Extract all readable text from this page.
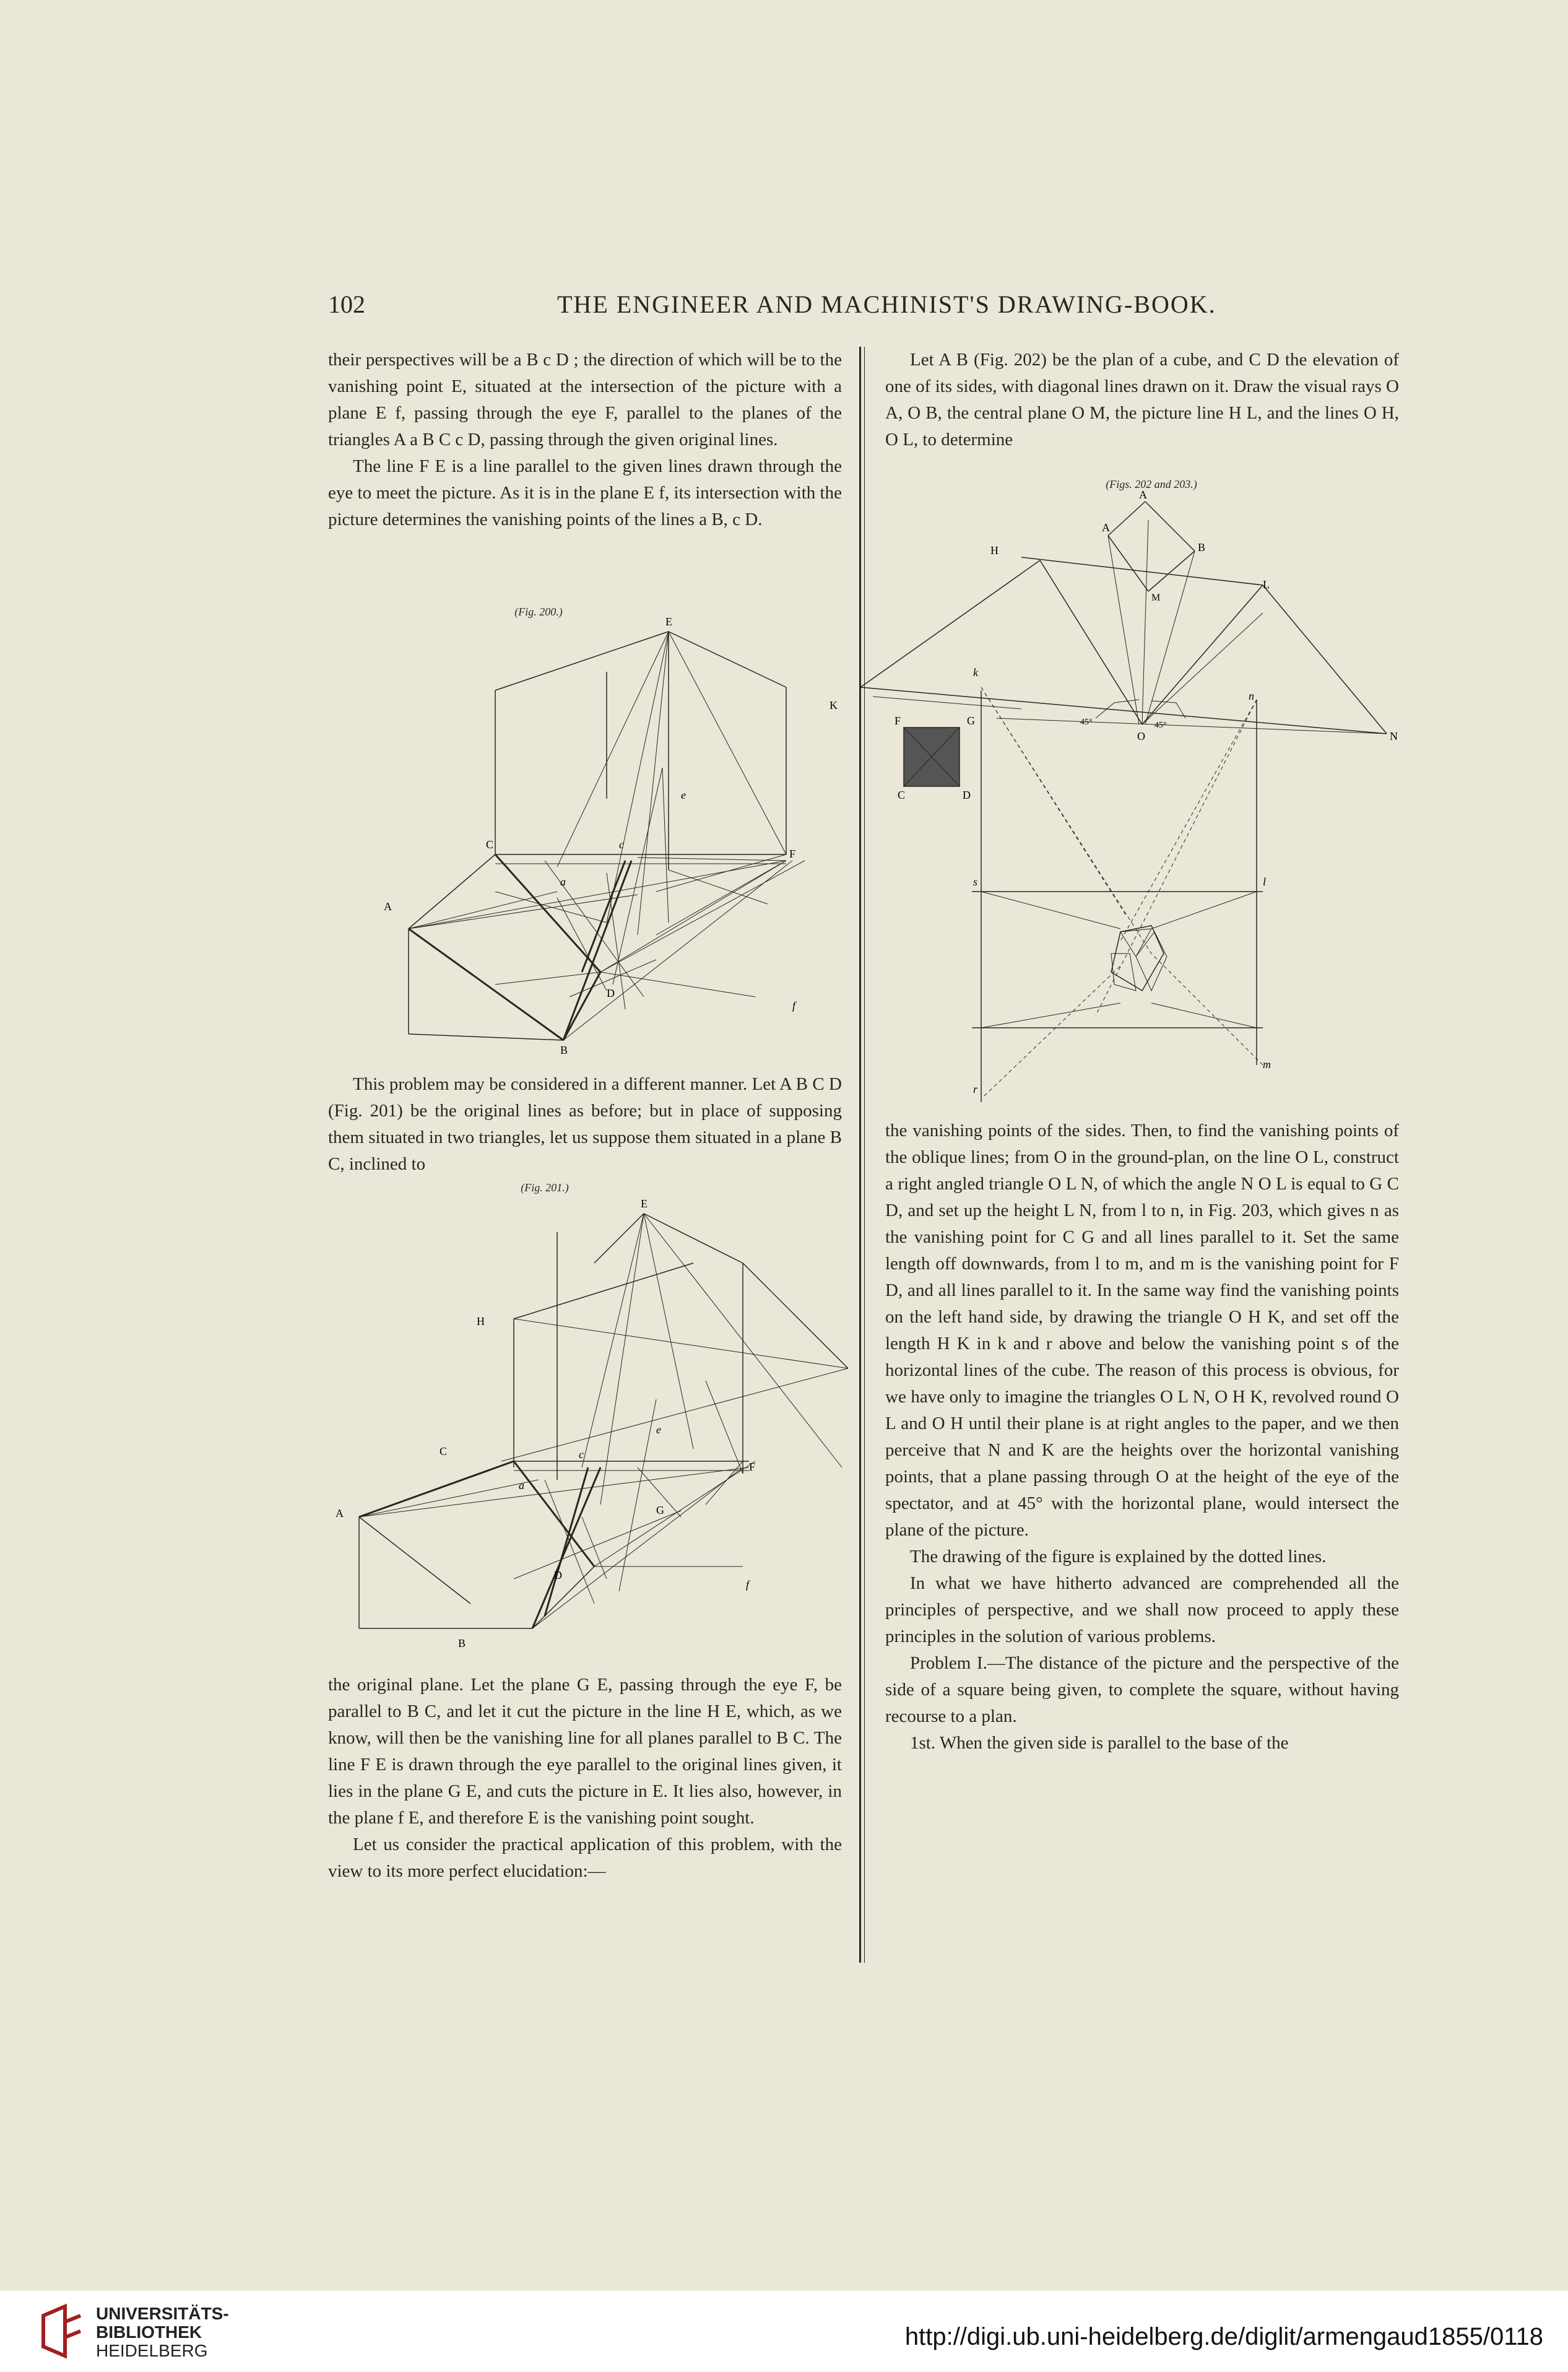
102	THE ENGINEER AND MACHINIST'S DRAWING-BOOK.

their perspectives will be a B c D ; the direction of which will be to the vanishing point E, situated at the intersection of the picture with a plane E f, passing through the eye F, parallel to the planes of the triangles A a B C c D, passing through the given original lines.

The line F E is a line parallel to the given lines drawn through the eye to meet the picture. As it is in the plane E f, its intersection with the picture determines the vanishing points of the lines a B, c D.

(Fig. 200.)
E
C	c
e
a
F
A
D
f
B

This problem may be considered in a different manner. Let A B C D (Fig. 201) be the original lines as before; but in place of supposing them situated in two triangles, let us suppose them situated in a plane B C, inclined to

(Fig. 201.)
E
H
C	c
e
a
F
G
A
D
f
B

the original plane. Let the plane G E, passing through the eye F, be parallel to B C, and let it cut the picture in the line H E, which, as we know, will then be the vanishing line for all planes parallel to B C. The line F E is drawn through the eye parallel to the original lines given, it lies in the plane G E, and cuts the picture in E. It lies also, however, in the plane f E, and therefore E is the vanishing point sought.

Let us consider the practical application of this problem, with the view to its more perfect elucidation:—

Let A B (Fig. 202) be the plan of a cube, and C D the elevation of one of its sides, with diagonal lines drawn on it. Draw the visual rays O A, O B, the central plane O M, the picture line H L, and the lines O H, O L, to determine

(Figs. 202 and 203.)
45°	45°
A
B
A
H
M
L
K
k
n
F	G
O	N
C	D
s	l
r
m

the vanishing points of the sides. Then, to find the vanishing points of the oblique lines; from O in the ground-plan, on the line O L, construct a right angled triangle O L N, of which the angle N O L is equal to G C D, and set up the height L N, from l to n, in Fig. 203, which gives n as the vanishing point for C G and all lines parallel to it. Set the same length off downwards, from l to m, and m is the vanishing point for F D, and all lines parallel to it. In the same way find the vanishing points on the left hand side, by drawing the triangle O H K, and set off the length H K in k and r above and below the vanishing point s of the horizontal lines of the cube. The reason of this process is obvious, for we have only to imagine the triangles O L N, O H K, revolved round O L and O H until their plane is at right angles to the paper, and we then perceive that N and K are the heights over the horizontal vanishing points, that a plane passing through O at the height of the eye of the spectator, and at 45° with the horizontal plane, would intersect the plane of the picture.

The drawing of the figure is explained by the dotted lines.

In what we have hitherto advanced are comprehended all the principles of perspective, and we shall now proceed to apply these principles in the solution of various problems.

Problem I.—The distance of the picture and the perspective of the side of a square being given, to complete the square, without having recourse to a plan.

1st. When the given side is parallel to the base of the

UNIVERSITÄTS-
BIBLIOTHEK
HEIDELBERG
http://digi.ub.uni-heidelberg.de/diglit/armengaud1855/0118
